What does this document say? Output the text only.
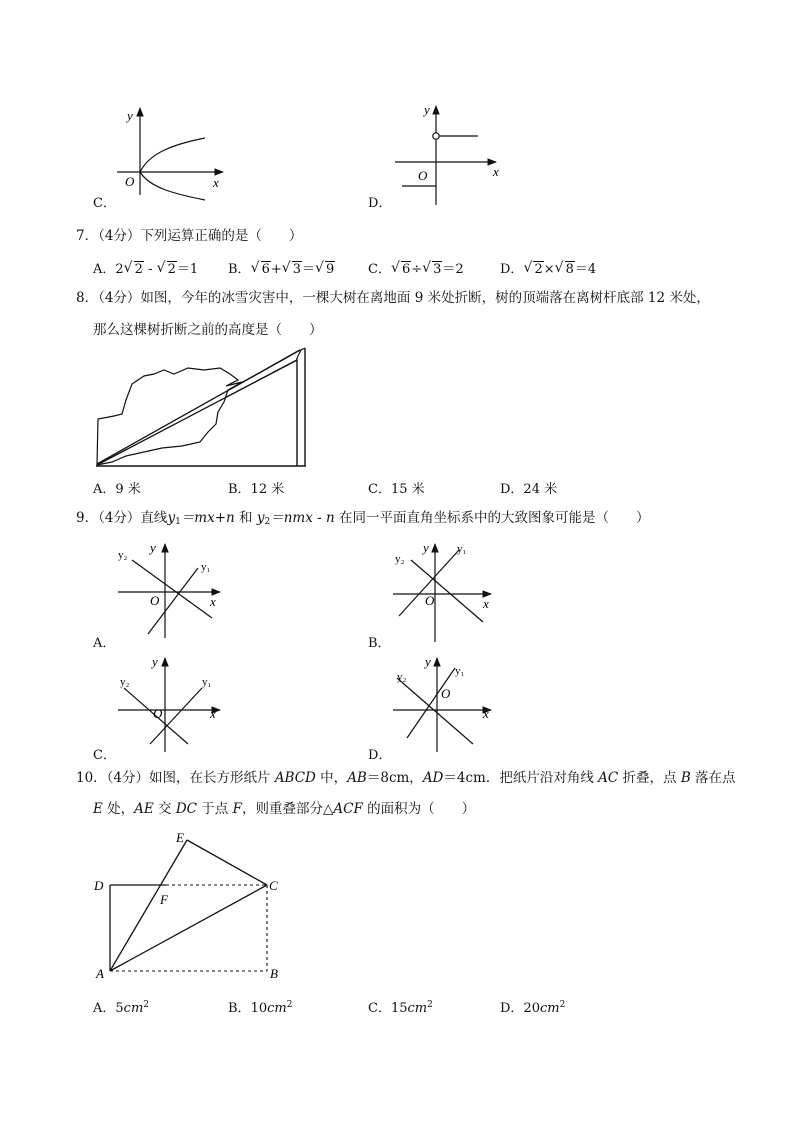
y
x
O
C．
y
x
O
D．
7．（4分）下列运算正确的是（　　）
A．2 √ 2 - √ 2＝1 B． √ 6+ √ 3＝ √ 9	C． √ 6÷ √ 3＝2	D． √ 2× √ 8＝4
8．（4分）如图，今年的冰雪灾害中，一棵大树在离地面 9 米处折断，树的顶端落在离树杆底部 12 米处，
那么这棵树折断之前的高度是（　　）
A．9 米	B．12 米	C．15 米	D．24 米
9．（4分）直线$y_1=mx+n$ 和 $y_2=nmx - n$ 在同一平面直角坐标系中的大致图象可能是（　　）
y
x
O
y₁
y₂
A．
y
x
O
y₁
y₂
B．
y
x
O
y₁
y₂
C．
y
x
O
y₁
y₂
D．
10．（4分）如图，在长方形纸片 ABCD 中，AB＝8cm，AD＝4cm．把纸片沿对角线 AC 折叠，点 B 落在点
E 处，AE 交 DC 于点 F，则重叠部分△ACF 的面积为（　　）
A	B
C
D
E
F
A．$5cm^2$	B．$10cm^2$	C．$15cm^2$	D．$20cm^2$
